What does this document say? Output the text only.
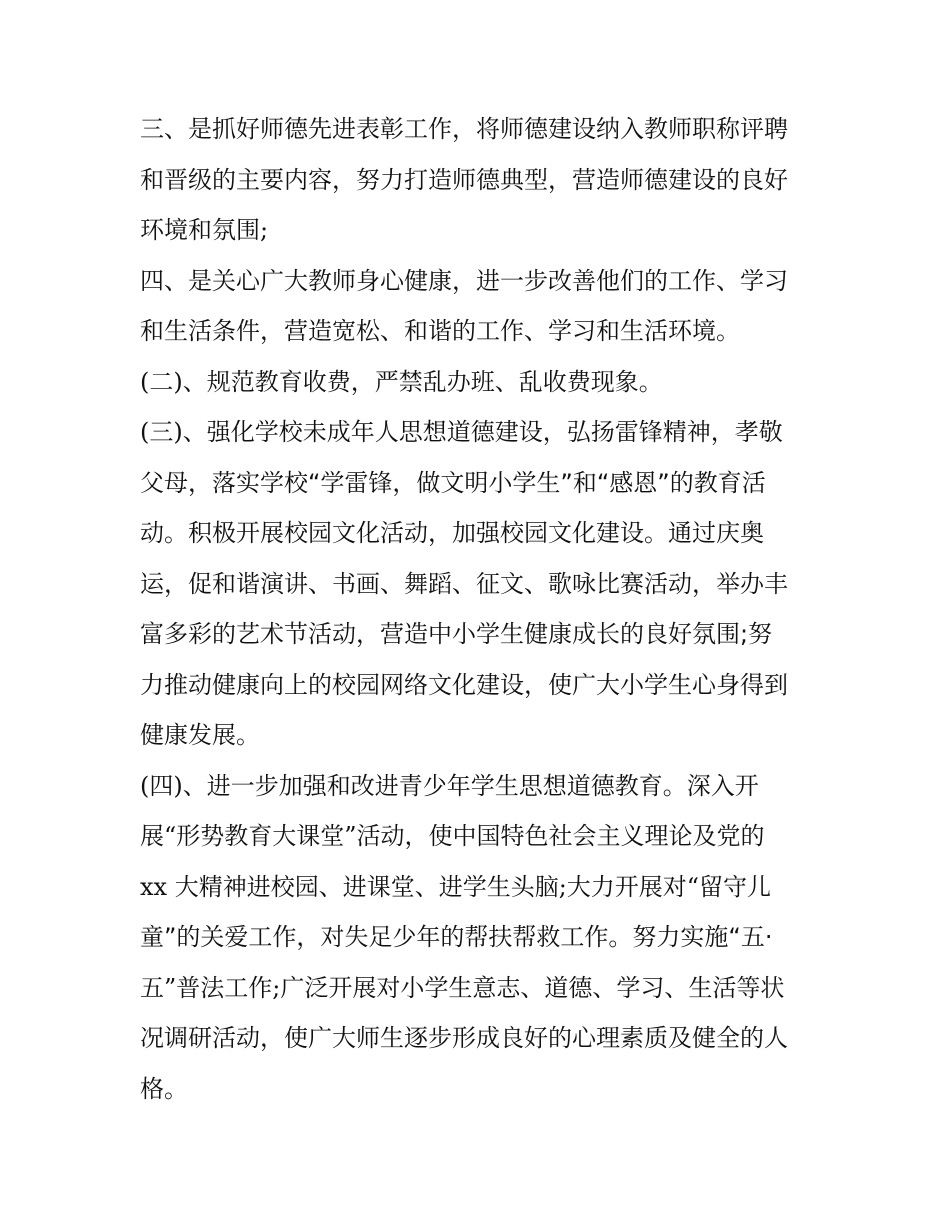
三、是抓好师德先进表彰工作，将师德建设纳入教师职称评聘
和晋级的主要内容，努力打造师德典型，营造师德建设的良好
环境和氛围;
四、是关心广大教师身心健康，进一步改善他们的工作、学习
和生活条件，营造宽松、和谐的工作、学习和生活环境。
(二)、规范教育收费，严禁乱办班、乱收费现象。
(三)、强化学校未成年人思想道德建设，弘扬雷锋精神，孝敬
父母，落实学校“学雷锋，做文明小学生”和“感恩”的教育活
动。积极开展校园文化活动，加强校园文化建设。通过庆奥
运，促和谐演讲、书画、舞蹈、征文、歌咏比赛活动，举办丰
富多彩的艺术节活动，营造中小学生健康成长的良好氛围;努
力推动健康向上的校园网络文化建设，使广大小学生心身得到
健康发展。
(四)、进一步加强和改进青少年学生思想道德教育。深入开
展“形势教育大课堂”活动，使中国特色社会主义理论及党的
xx 大精神进校园、进课堂、进学生头脑;大力开展对“留守儿
童”的关爱工作，对失足少年的帮扶帮救工作。努力实施“五·
五”普法工作;广泛开展对小学生意志、道德、学习、生活等状
况调研活动，使广大师生逐步形成良好的心理素质及健全的人
格。
